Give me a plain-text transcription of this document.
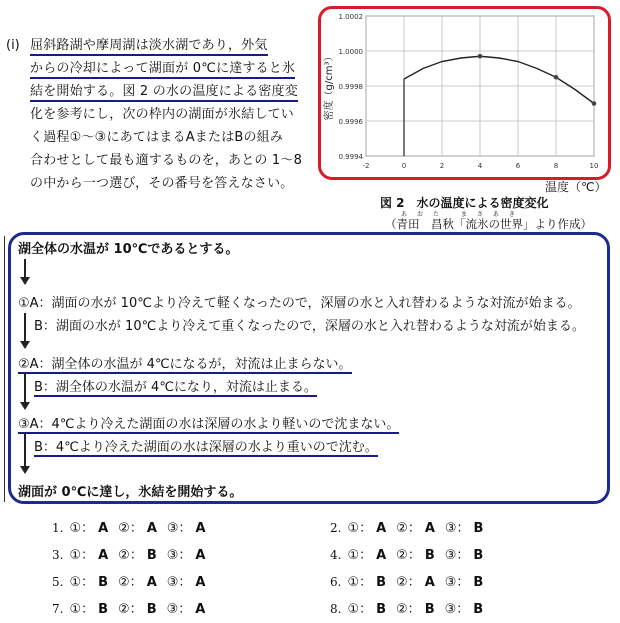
(ⅰ) 屈斜路湖や摩周湖は淡水湖であり，外気
からの冷却によって湖面が 0℃に達すると氷
結を開始する。図 2 の水の温度による密度変
化を参考にし，次の枠内の湖面が氷結してい
く過程①～③にあてはまるAまたはBの組み
合わせとして最も適するものを，あとの 1～8
の中から一つ選び，その番号を答えなさい。
-2	0	2	4	6	8	10
0.9994
0.9996
0.9998
1.0000
1.0002
密度（g/cm³）
温度（℃）
図 2　水の温度による密度変化
あおた まさあき
（青田　昌秋「流氷の世界」より作成）
湖全体の水温が 10℃であるとする。
①A：湖面の水が 10℃より冷えて軽くなったので，深層の水と入れ替わるような対流が始まる。
B：湖面の水が 10℃より冷えて重くなったので，深層の水と入れ替わるような対流が始まる。
②A：湖全体の水温が 4℃になるが，対流は止まらない。
B：湖全体の水温が 4℃になり，対流は止まる。
③A：4℃より冷えた湖面の水は深層の水より軽いので沈まない。
B：4℃より冷えた湖面の水は深層の水より重いので沈む。
湖面が 0℃に達し，氷結を開始する。
1. ①： A ②： A ③： A	2. ①： A ②： A ③： B
3. ①： A ②： B ③： A	4. ①： A ②： B ③： B
5. ①： B ②： A ③： A	6. ①： B ②： A ③： B
7. ①： B ②： B ③： A	8. ①： B ②： B ③： B
